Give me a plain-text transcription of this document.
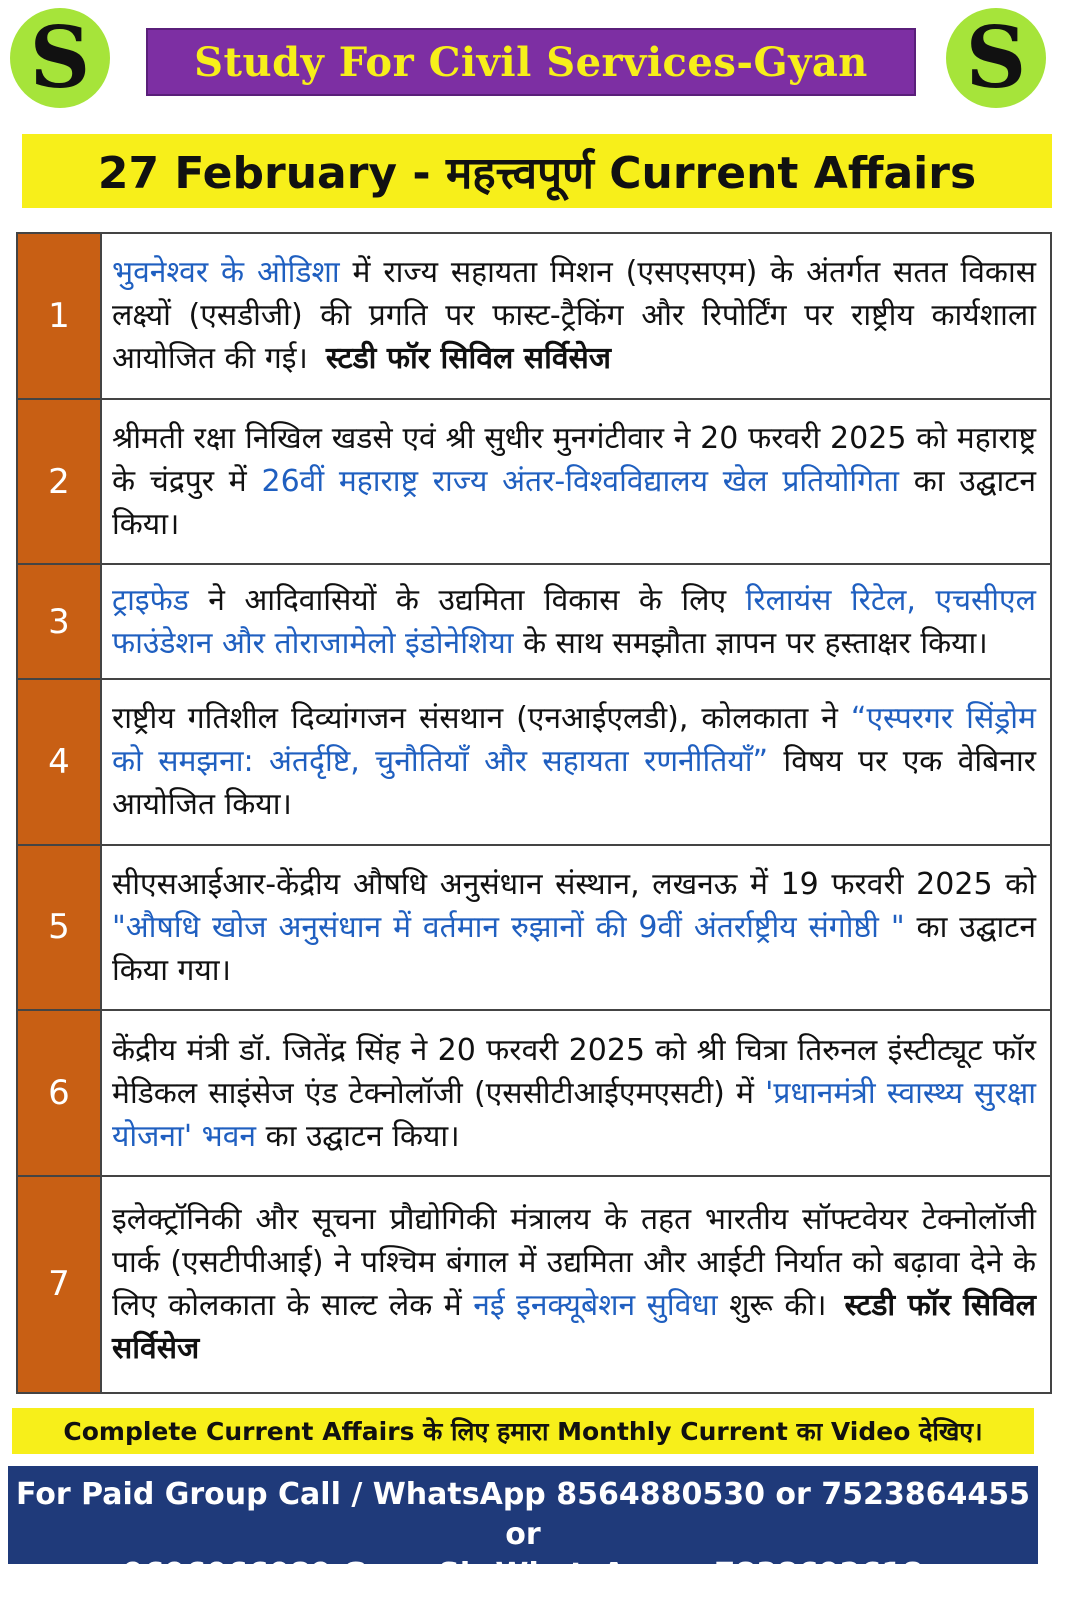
S	Study For Civil Services-Gyan	S
27 February - महत्त्वपूर्ण Current Affairs
1	भुवनेश्वर के ओडिशा में राज्य सहायता मिशन (एसएसएम) के अंतर्गत सतत विकास लक्ष्यों (एसडीजी) की प्रगति पर फास्ट-ट्रैकिंग और रिपोर्टिंग पर राष्ट्रीय कार्यशाला आयोजित की गई। स्टडी फॉर सिविल सर्विसेज
2	श्रीमती रक्षा निखिल खडसे एवं श्री सुधीर मुनगंटीवार ने 20 फरवरी 2025 को महाराष्ट्र के चंद्रपुर में 26वीं महाराष्ट्र राज्य अंतर-विश्वविद्यालय खेल प्रतियोगिता का उद्घाटन किया।
3	ट्राइफेड ने आदिवासियों के उद्यमिता विकास के लिए रिलायंस रिटेल, एचसीएल फाउंडेशन और तोराजामेलो इंडोनेशिया के साथ समझौता ज्ञापन पर हस्ताक्षर किया।
4	राष्ट्रीय गतिशील दिव्यांगजन संसथान (एनआईएलडी), कोलकाता ने “एस्परगर सिंड्रोम को समझना: अंतर्दृष्टि, चुनौतियाँ और सहायता रणनीतियाँ” विषय पर एक वेबिनार आयोजित किया।
5	सीएसआईआर-केंद्रीय औषधि अनुसंधान संस्थान, लखनऊ में 19 फरवरी 2025 को "औषधि खोज अनुसंधान में वर्तमान रुझानों की 9वीं अंतर्राष्ट्रीय संगोष्ठी " का उद्घाटन किया गया।
6	केंद्रीय मंत्री डॉ. जितेंद्र सिंह ने 20 फरवरी 2025 को श्री चित्रा तिरुनल इंस्टीट्यूट फॉर मेडिकल साइंसेज एंड टेक्नोलॉजी (एससीटीआईएमएसटी) में 'प्रधानमंत्री स्वास्थ्य सुरक्षा योजना' भवन का उद्घाटन किया।
7	इलेक्ट्रॉनिकी और सूचना प्रौद्योगिकी मंत्रालय के तहत भारतीय सॉफ्टवेयर टेक्नोलॉजी पार्क (एसटीपीआई) ने पश्चिम बंगाल में उद्यमिता और आईटी निर्यात को बढ़ावा देने के लिए कोलकाता के साल्ट लेक में नई इनक्यूबेशन सुविधा शुरू की। स्टडी फॉर सिविल सर्विसेज
Complete Current Affairs के लिए हमारा Monthly Current का Video देखिए।
For Paid Group Call / WhatsApp 8564880530 or 7523864455 or
9696066089 Gyan Sir WhatsApp = 7838692618
